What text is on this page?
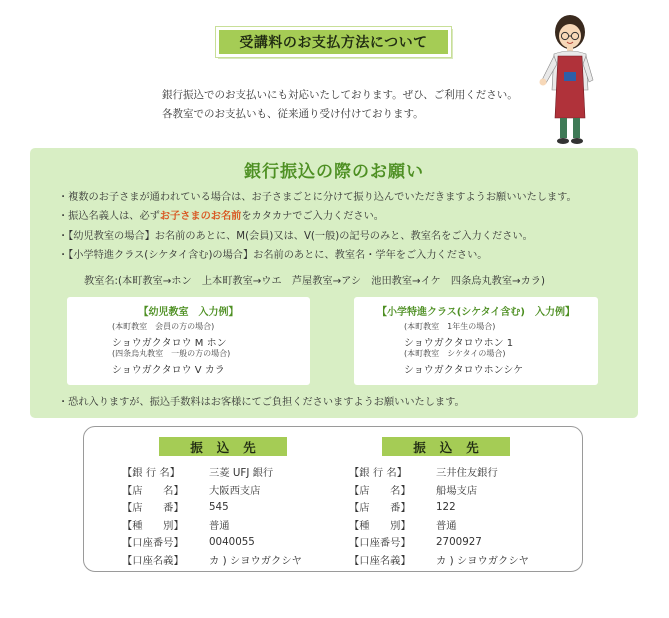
受講料のお支払方法について
銀行振込でのお支払いにも対応いたしております。ぜひ、ご利用ください。
各教室でのお支払いも、従来通り受け付けております。
銀行振込の際のお願い
・複数のお子さまが通われている場合は、お子さまごとに分けて振り込んでいただきますようお願いいたします。
・振込名義人は、必ずお子さまのお名前をカタカナでご入力ください。
・【幼児教室の場合】お名前のあとに、M(会員)又は、V(一般)の記号のみと、教室名をご入力ください。
・【小学特進クラス(シケタイ含む)の場合】お名前のあとに、教室名・学年をご入力ください。
教室名:(本町教室→ホン　上本町教室→ウエ　芦屋教室→アシ　池田教室→イケ　四条烏丸教室→カラ)
【幼児教室　入力例】
(本町教室　会員の方の場合)
ショウガクタロウ M ホン
(四条烏丸教室　一般の方の場合)
ショウガクタロウ V カラ
【小学特進クラス(シケタイ含む)　入力例】
(本町教室　1年生の場合)
ショウガクタロウホン 1
(本町教室　シケタイの場合)
ショウガクタロウホンシケ
・恐れ入りますが、振込手数料はお客様にてご負担くださいますようお願いいたします。
振込先	振込先
【銀 行 名】	三菱 UFJ 銀行
【店　　名】	大阪西支店
【店　　番】	545
【種　　別】	普通
【口座番号】	0040055
【口座名義】	カ ) シヨウガクシヤ
【銀 行 名】	三井住友銀行
【店　　名】	船場支店
【店　　番】	122
【種　　別】	普通
【口座番号】	2700927
【口座名義】	カ ) シヨウガクシヤ
